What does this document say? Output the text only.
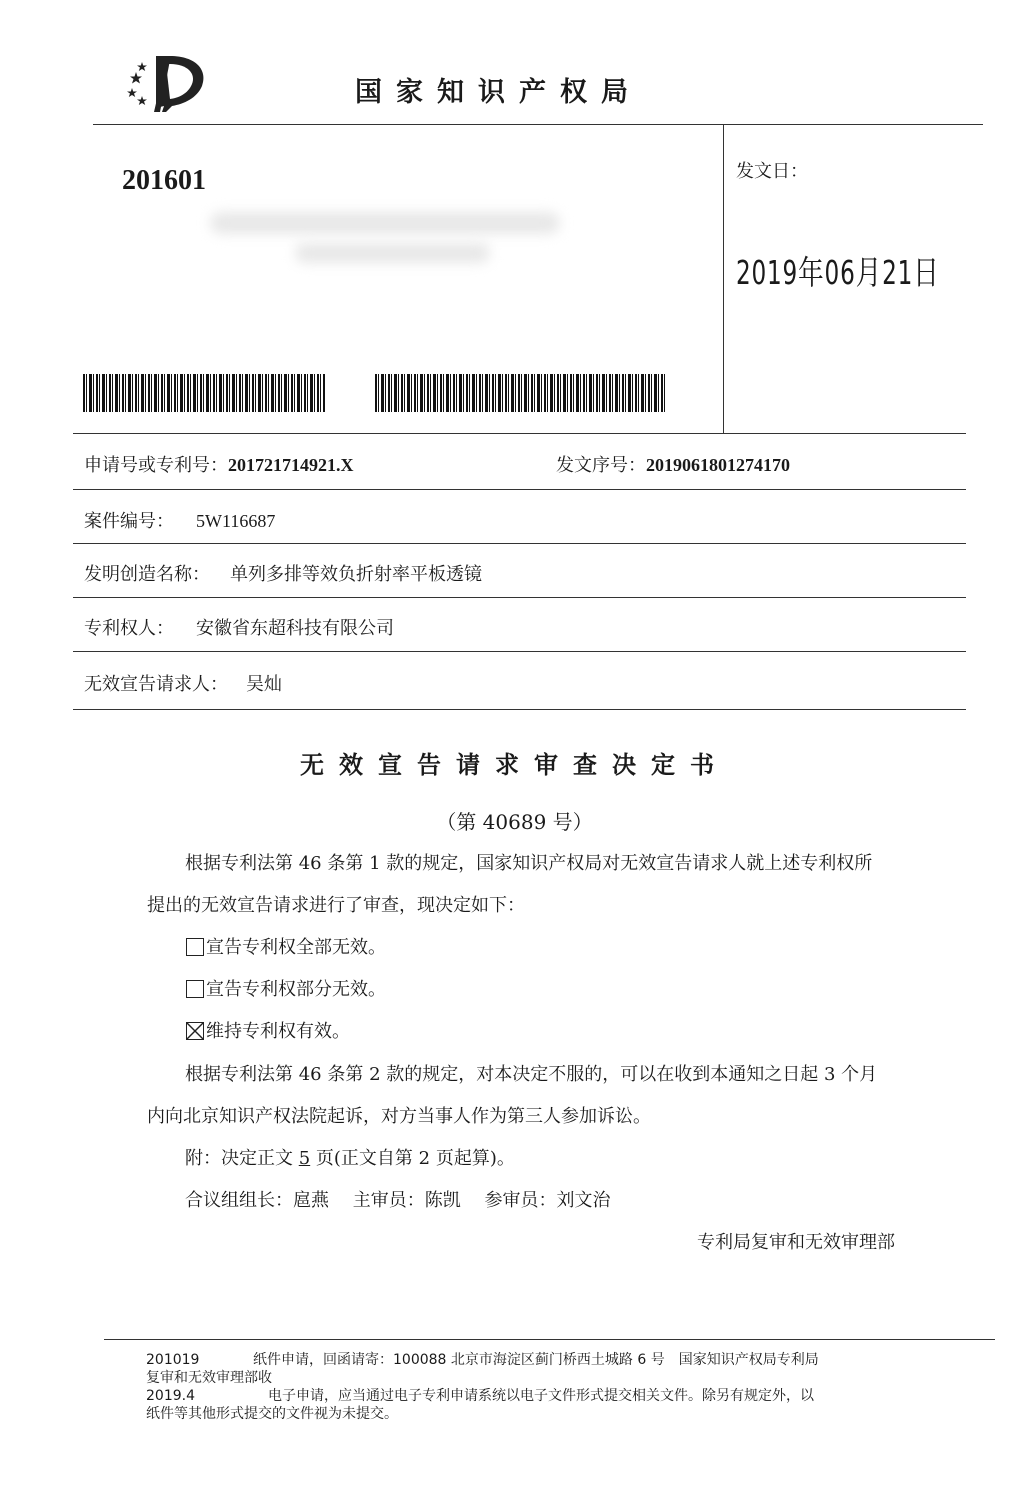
国家知识产权局
201601	发文日：
2019年06月21日
申请号或专利号：201721714921.X	发文序号：2019061801274170
案件编号： 5W116687
发明创造名称： 单列多排等效负折射率平板透镜
专利权人： 安徽省东超科技有限公司
无效宣告请求人： 吴灿
无效宣告请求审查决定书
（第 40689 号）
根据专利法第 46 条第 1 款的规定，国家知识产权局对无效宣告请求人就上述专利权所
提出的无效宣告请求进行了审查，现决定如下：
宣告专利权全部无效。
宣告专利权部分无效。
维持专利权有效。
根据专利法第 46 条第 2 款的规定，对本决定不服的，可以在收到本通知之日起 3 个月
内向北京知识产权法院起诉，对方当事人作为第三人参加诉讼。
附：决定正文 5 页(正文自第 2 页起算)。
合议组组长：扈燕　 主审员：陈凯　 参审员：刘文治
专利局复审和无效审理部
201019	纸件申请，回函请寄：100088 北京市海淀区蓟门桥西土城路 6 号　国家知识产权局专利局
复审和无效审理部收
2019.4	电子申请，应当通过电子专利申请系统以电子文件形式提交相关文件。除另有规定外，以
纸件等其他形式提交的文件视为未提交。
